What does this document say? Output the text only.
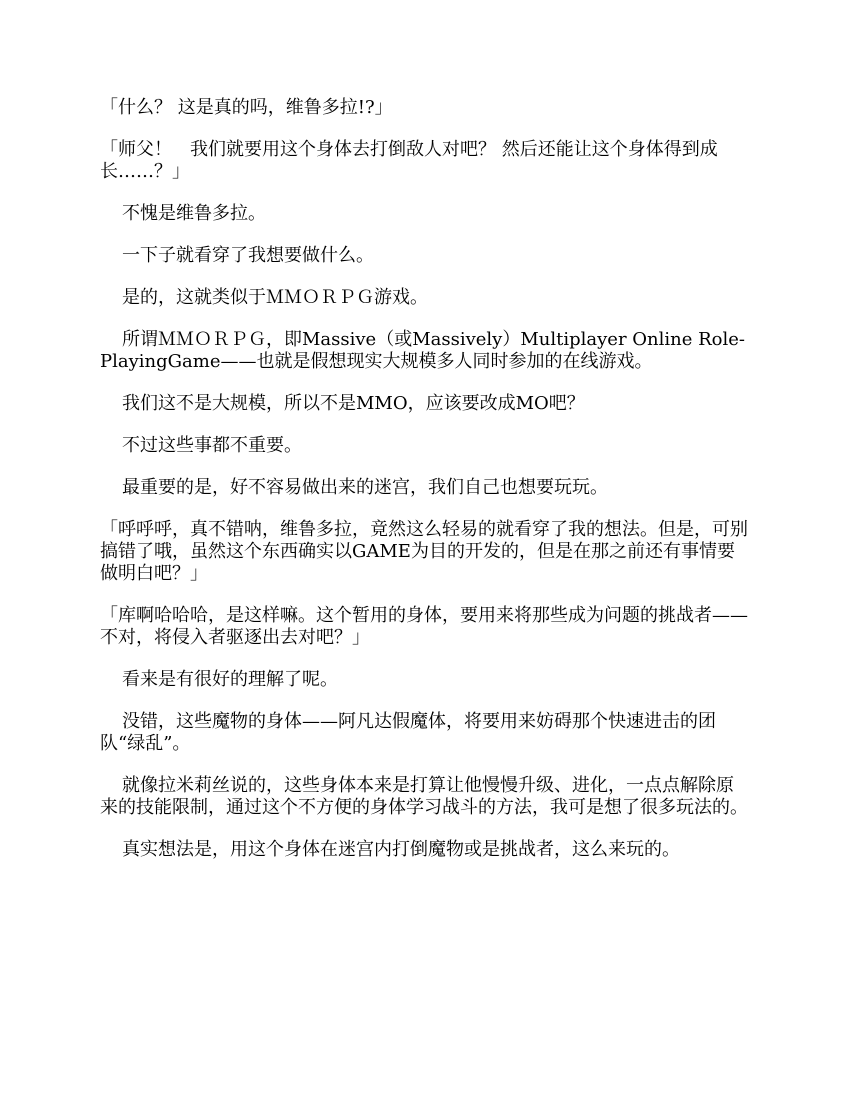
「什么？ 这是真的吗，维鲁多拉!?」

「师父！　我们就要用这个身体去打倒敌人对吧？ 然后还能让这个身体得到成长……？」

不愧是维鲁多拉。

一下子就看穿了我想要做什么。

是的，这就类似于ＭＭＯＲＰＧ游戏。

所谓ＭＭＯＲＰＧ，即Massive（或Massively）Multiplayer Online Role-PlayingGame——也就是假想现实大规模多人同时参加的在线游戏。

我们这不是大规模，所以不是MMO，应该要改成MO吧？

不过这些事都不重要。

最重要的是，好不容易做出来的迷宫，我们自己也想要玩玩。

「呼呼呼，真不错呐，维鲁多拉，竟然这么轻易的就看穿了我的想法。但是，可别搞错了哦，虽然这个东西确实以GAME为目的开发的，但是在那之前还有事情要做明白吧？」

「库啊哈哈哈，是这样嘛。这个暂用的身体，要用来将那些成为问题的挑战者——不对，将侵入者驱逐出去对吧？」

看来是有很好的理解了呢。

没错，这些魔物的身体——阿凡达假魔体，将要用来妨碍那个快速进击的团队“绿乱”。

就像拉米莉丝说的，这些身体本来是打算让他慢慢升级、进化，一点点解除原来的技能限制，通过这个不方便的身体学习战斗的方法，我可是想了很多玩法的。

真实想法是，用这个身体在迷宫内打倒魔物或是挑战者，这么来玩的。
